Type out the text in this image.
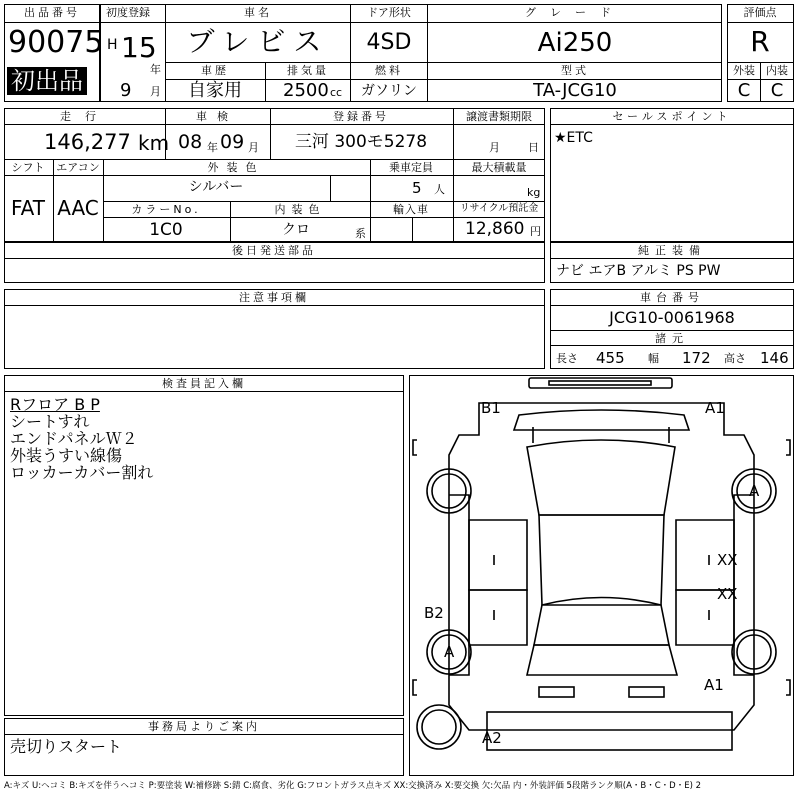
出品番号
90075
初出品
初度登録
H 15
年
9 月
車名
ブレビス
ドア形状
4SD
グレード
Ai250
車歴
自家用
排気量
2500 cc
燃料
ガソリン
型式
TA-JCG10
評価点
R
外装 内装
C C
走行
146,277 km
車検
08 年 09 月
登録番号
三河 300モ5278
譲渡書類期限
月	日
シフト
FAT
エアコン
AAC
外装色
シルバー
乗車定員
5 人
最大積載量
kg
カラーNo.
1C0
内装色
クロ	系
輸入車	リサイクル預託金
12,860 円
後日発送部品
セールスポイント
★ETC
純正装備
ナビ エアB アルミ PS PW
注意事項欄	車台番号
JCG10-0061968
諸元
長さ 455 幅 172 高さ 146
検査員記入欄
Rフロア B P
シートすれ
エンドパネルＷ２
外装うすい線傷
ロッカーカバー割れ
事務局よりご案内
売切りスタート
B1	A1
A
XX
XX
B2
A
A1
A2
A:キズ U:ヘコミ B:キズを伴うヘコミ P:要塗装 W:補修跡 S:錆 C:腐食、劣化 G:フロントガラス点キズ XX:交換済み X:要交換 欠:欠品 内・外装評価 5段階ランク順(A・B・C・D・E) 2
